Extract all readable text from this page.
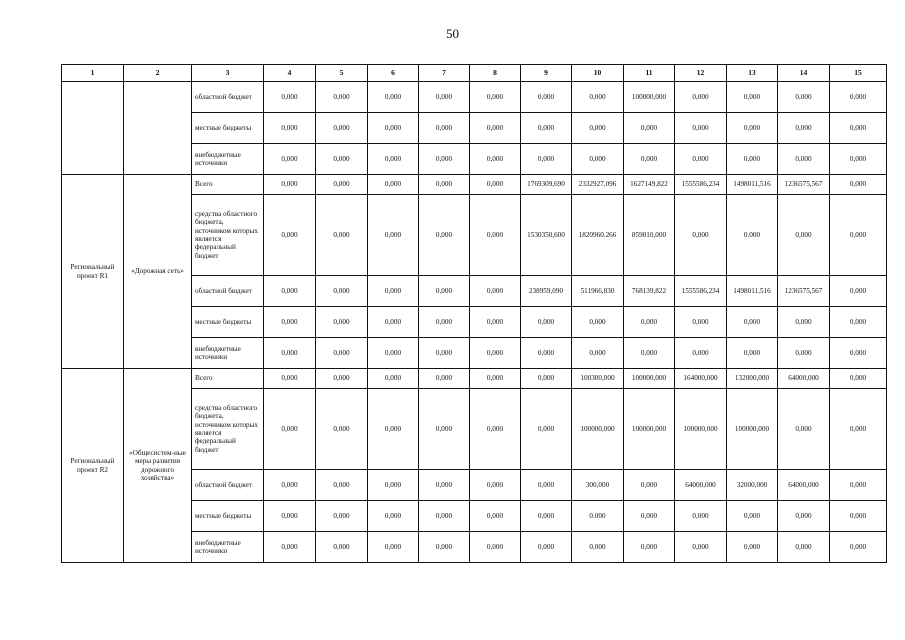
50
1	2	3	4	5	6	7	8	9	10	11	12	13	14	15
		областной бюджет	0,000	0,000	0,000	0,000	0,000	0,000	0,000	100000,000	0,000	0,000	0,000	0,000
		местные бюджеты	0,000	0,000	0,000	0,000	0,000	0,000	0,000	0,000	0,000	0,000	0,000	0,000
		внебюджетные источники	0,000	0,000	0,000	0,000	0,000	0,000	0,000	0,000	0,000	0,000	0,000	0,000
Региональный проект R1	«Дорожная сеть»	Всего	0,000	0,000	0,000	0,000	0,000	1769309,690	2332927,096	1627149,822	1555586,234	1498011,516	1236575,567	0,000
		средства областного бюджета, источником которых является федеральный бюджет	0,000	0,000	0,000	0,000	0,000	1530350,600	1820960.266	859010,000	0,000	0.000	0,000	0,000
		областной бюджет	0,000	0,000	0,000	0,000	0,000	238959,090	511966,830	768139,822	1555586,234	1498011,516	1236575,567	0,000
		местные бюджеты	0,000	0,000	0,000	0,000	0,000	0,000	0,000	0,000	0,000	0,000	0,000	0,000
		внебюджетные источники	0,000	0,000	0,000	0,000	0,000	0,000	0,000	0,000	0,000	0,000	0,000	0,000
Региональный проект R2	«Общесистем-ные меры развития дорожного хозяйства»	Всего	0,000	0,000	0,000	0,000	0,000	0,000	100300,000	100000,000	164000,000	132000,000	64000,000	0,000
		средства областного бюджета, источником которых является федеральный бюджет	0,000	0,000	0,000	0,000	0,000	0,000	100000,000	100000,000	100000,000	100000,000	0,000	0,000
		областной бюджет	0,000	0,000	0,000	0,000	0,000	0,000	300,000	0,000	64000,000	32000,000	64000,000	0,000
		местные бюджеты	0,000	0,000	0,000	0,000	0,000	0,000	0.000	0,000	0,000	0,000	0,000	0,000
		внебюджетные источники	0,000	0,000	0,000	0,000	0,000	0,000	0,000	0,000	0,000	0,000	0,000	0,000
